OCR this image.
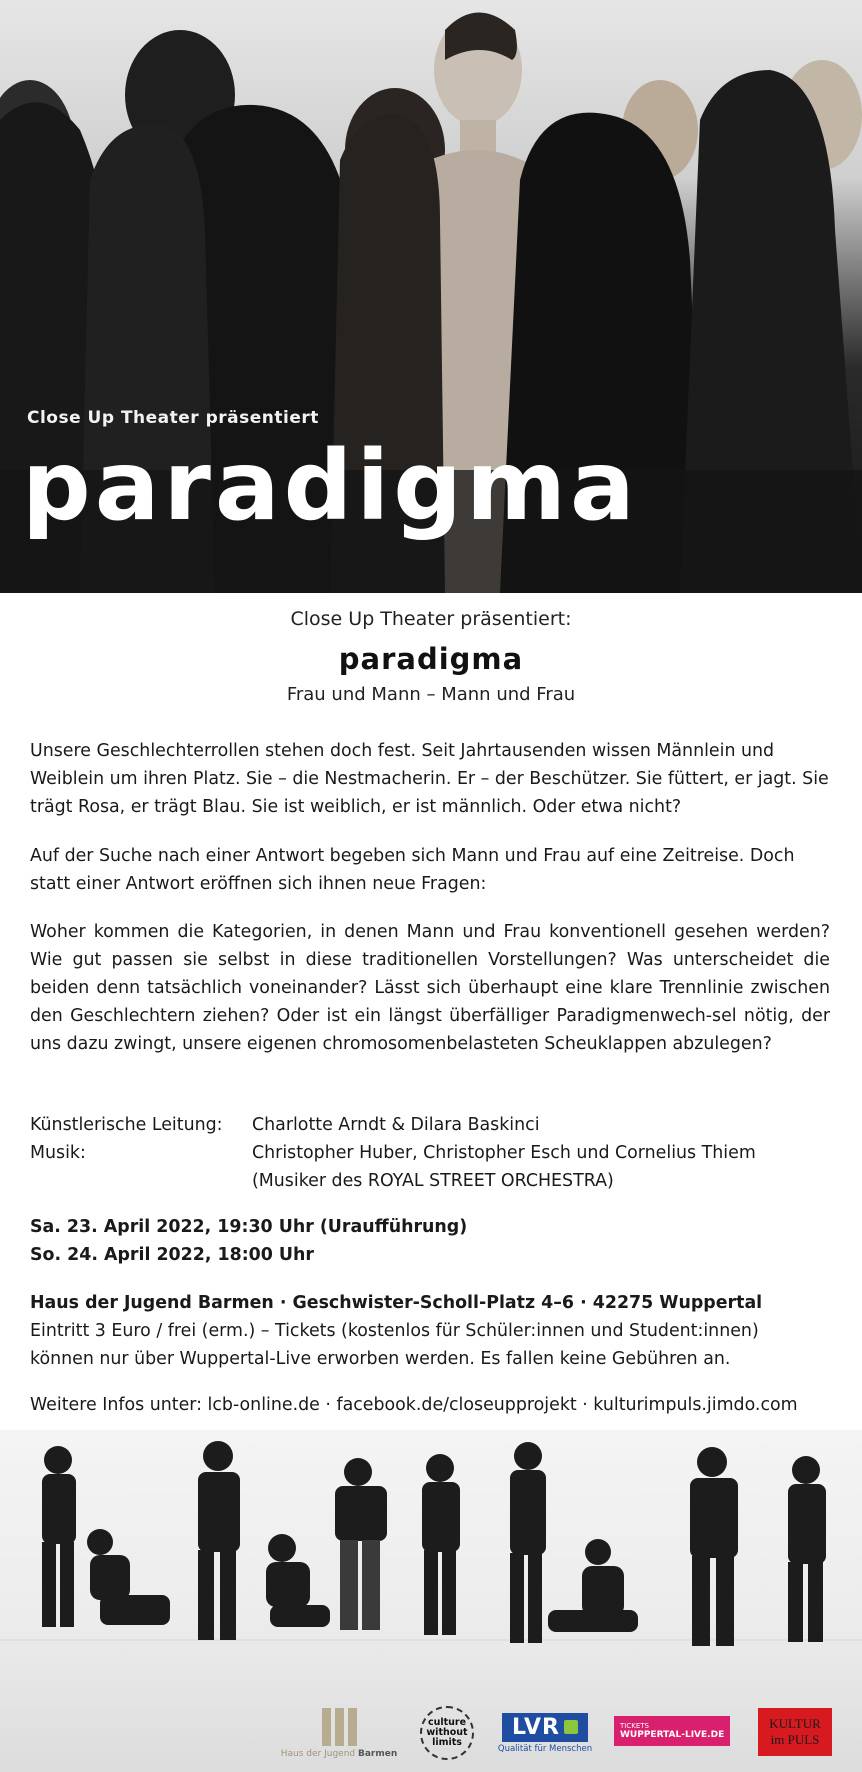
Close Up Theater präsentiert
paradigma
Close Up Theater präsentiert:
paradigma
Frau und Mann – Mann und Frau
Unsere Geschlechterrollen stehen doch fest. Seit Jahrtausenden wissen Männlein und Weiblein um ihren Platz. Sie – die Nestmacherin. Er – der Beschützer. Sie füttert, er jagt. Sie trägt Rosa, er trägt Blau. Sie ist weiblich, er ist männlich. Oder etwa nicht?
Auf der Suche nach einer Antwort begeben sich Mann und Frau auf eine Zeitreise. Doch statt einer Antwort eröffnen sich ihnen neue Fragen:
Woher kommen die Kategorien, in denen Mann und Frau konventionell gesehen werden? Wie gut passen sie selbst in diese traditionellen Vorstellungen? Was unterscheidet die beiden denn tatsächlich voneinander? Lässt sich überhaupt eine klare Trennlinie zwischen den Geschlechtern ziehen? Oder ist ein längst überfälliger Paradigmenwech-sel nötig, der uns dazu zwingt, unsere eigenen chromosomenbelasteten Scheuklappen abzulegen?
Künstlerische Leitung:	Charlotte Arndt & Dilara Baskinci
Musik:	Christopher Huber, Christopher Esch und Cornelius Thiem
(Musiker des ROYAL STREET ORCHESTRA)
Sa. 23. April 2022, 19:30 Uhr (Uraufführung)
So. 24. April 2022, 18:00 Uhr
Haus der Jugend Barmen · Geschwister-Scholl-Platz 4–6 · 42275 Wuppertal
Eintritt 3 Euro / frei (erm.) – Tickets (kostenlos für Schüler:innen und Student:innen)
können nur über Wuppertal-Live erworben werden. Es fallen keine Gebühren an.
Weitere Infos unter: lcb-online.de · facebook.de/closeupprojekt · kulturimpuls.jimdo.com
Haus der Jugend Barmen
culture without limits
LVR
Qualität für Menschen
TICKETS
WUPPERTAL-LIVE.DE
KULTUR
im PULS
